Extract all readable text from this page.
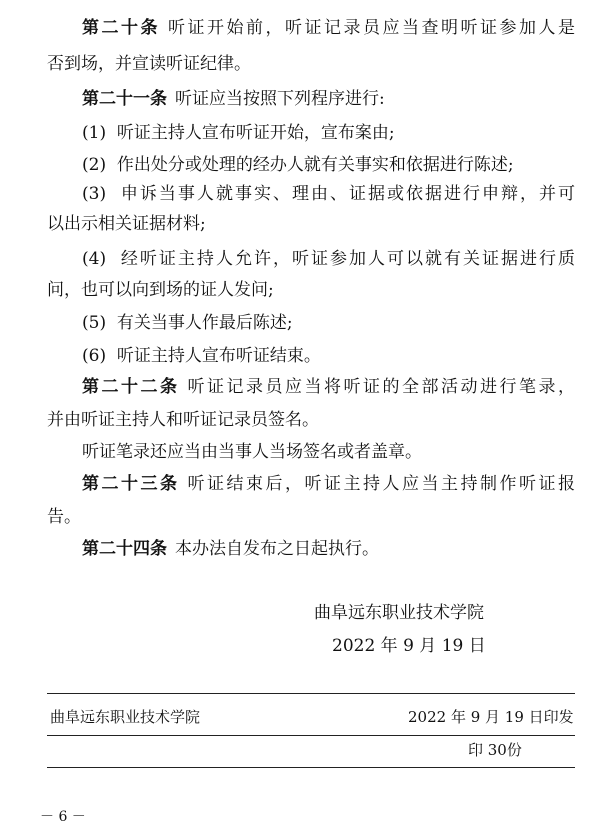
第二十条 听证开始前，听证记录员应当查明听证参加人是
否到场，并宣读听证纪律。
第二十一条 听证应当按照下列程序进行:
(1) 听证主持人宣布听证开始，宣布案由;
(2) 作出处分或处理的经办人就有关事实和依据进行陈述;
(3) 申诉当事人就事实、理由、证据或依据进行申辩，并可
以出示相关证据材料;
(4) 经听证主持人允许，听证参加人可以就有关证据进行质
问，也可以向到场的证人发问;
(5) 有关当事人作最后陈述;
(6) 听证主持人宣布听证结束。
第二十二条 听证记录员应当将听证的全部活动进行笔录，
并由听证主持人和听证记录员签名。
听证笔录还应当由当事人当场签名或者盖章。
第二十三条 听证结束后，听证主持人应当主持制作听证报
告。
第二十四条 本办法自发布之日起执行。
曲阜远东职业技术学院
2022 年 9 月 19 日
曲阜远东职业技术学院	2022 年 9 月 19 日印发
印 30份
－ 6 －
